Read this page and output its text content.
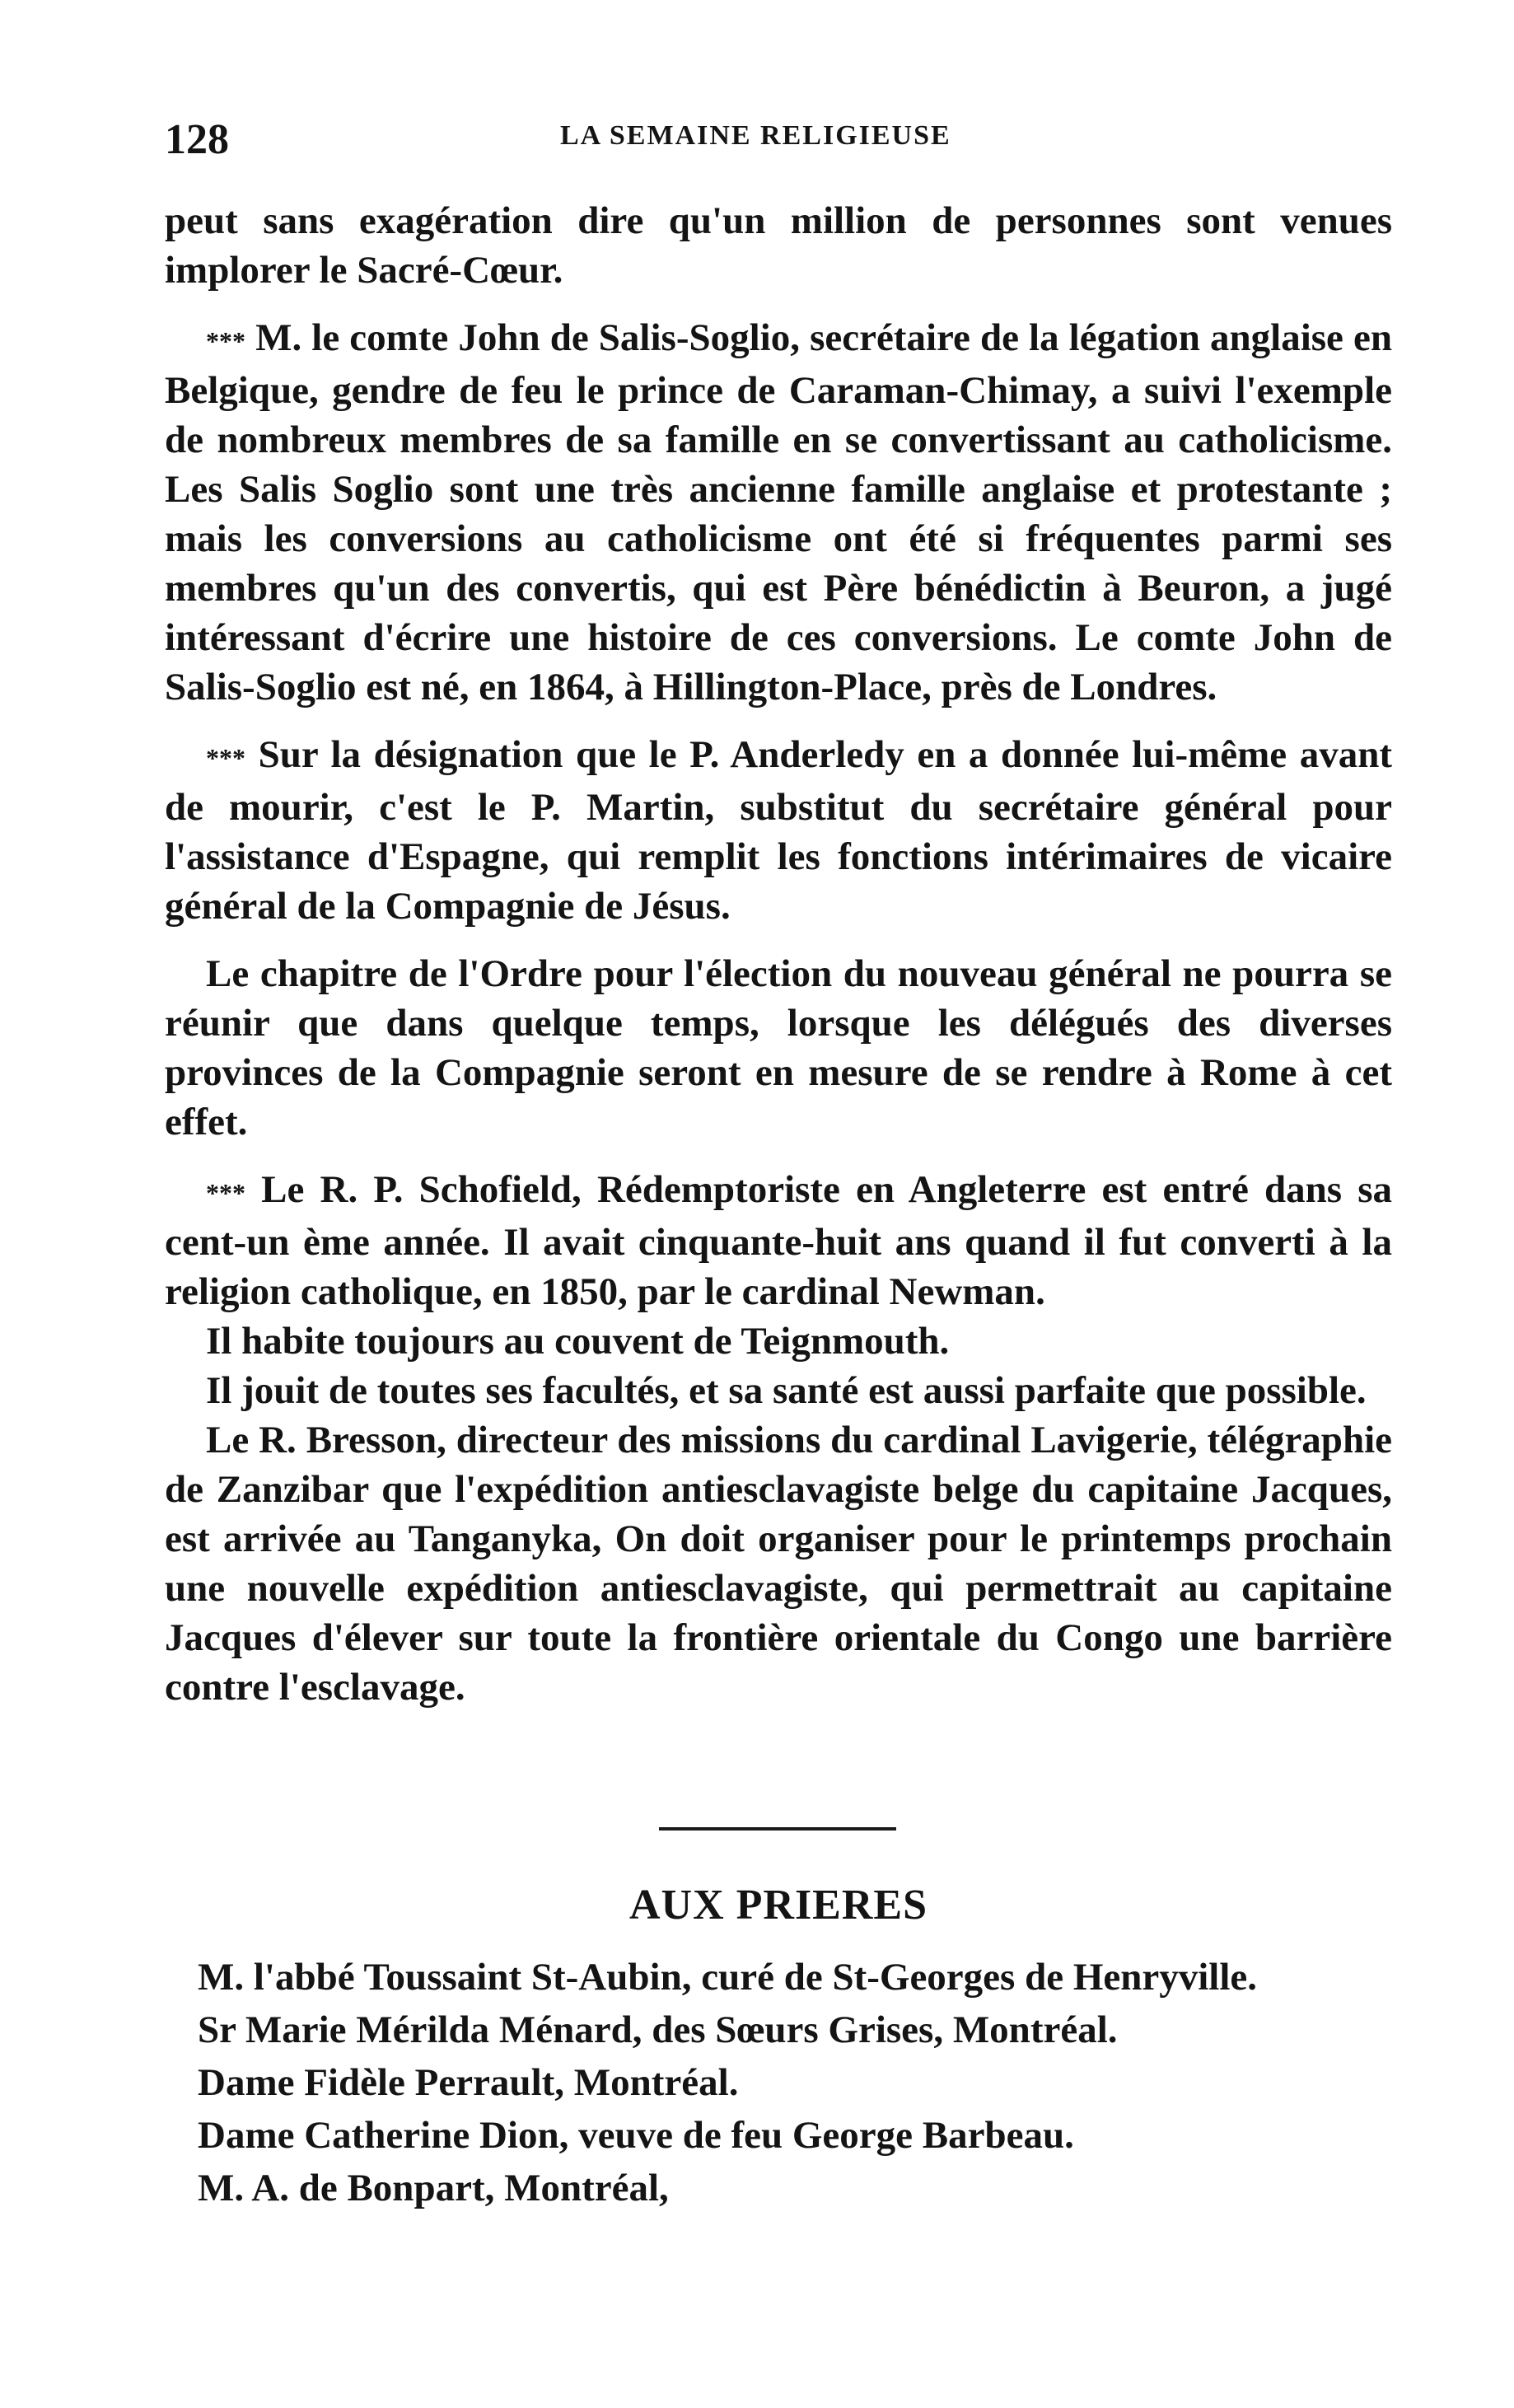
128	LA SEMAINE RELIGIEUSE

peut sans exagération dire qu'un million de personnes sont venues implorer le Sacré-Cœur.

*** M. le comte John de Salis-Soglio, secrétaire de la légation anglaise en Belgique, gendre de feu le prince de Caraman-Chimay, a suivi l'exemple de nombreux membres de sa famille en se convertissant au catholicisme. Les Salis Soglio sont une très ancienne famille anglaise et protestante ; mais les conversions au catholicisme ont été si fréquentes parmi ses membres qu'un des convertis, qui est Père bénédictin à Beuron, a jugé intéressant d'écrire une histoire de ces conversions. Le comte John de Salis-Soglio est né, en 1864, à Hillington-Place, près de Londres.

*** Sur la désignation que le P. Anderledy en a donnée lui-même avant de mourir, c'est le P. Martin, substitut du secrétaire général pour l'assistance d'Espagne, qui remplit les fonctions intérimaires de vicaire général de la Compagnie de Jésus.

Le chapitre de l'Ordre pour l'élection du nouveau général ne pourra se réunir que dans quelque temps, lorsque les délégués des diverses provinces de la Compagnie seront en mesure de se rendre à Rome à cet effet.

*** Le R. P. Schofield, Rédemptoriste en Angleterre est entré dans sa cent-un ème année. Il avait cinquante-huit ans quand il fut converti à la religion catholique, en 1850, par le cardinal Newman.

Il habite toujours au couvent de Teignmouth.

Il jouit de toutes ses facultés, et sa santé est aussi parfaite que possible.

Le R. Bresson, directeur des missions du cardinal Lavigerie, télégraphie de Zanzibar que l'expédition antiesclavagiste belge du capitaine Jacques, est arrivée au Tanganyka, On doit organiser pour le printemps prochain une nouvelle expédition antiesclavagiste, qui permettrait au capitaine Jacques d'élever sur toute la frontière orientale du Congo une barrière contre l'esclavage.

AUX PRIERES
M. l'abbé Toussaint St-Aubin, curé de St-Georges de Henryville.
Sr Marie Mérilda Ménard, des Sœurs Grises, Montréal.
Dame Fidèle Perrault, Montréal.
Dame Catherine Dion, veuve de feu George Barbeau.
M. A. de Bonpart, Montréal,
